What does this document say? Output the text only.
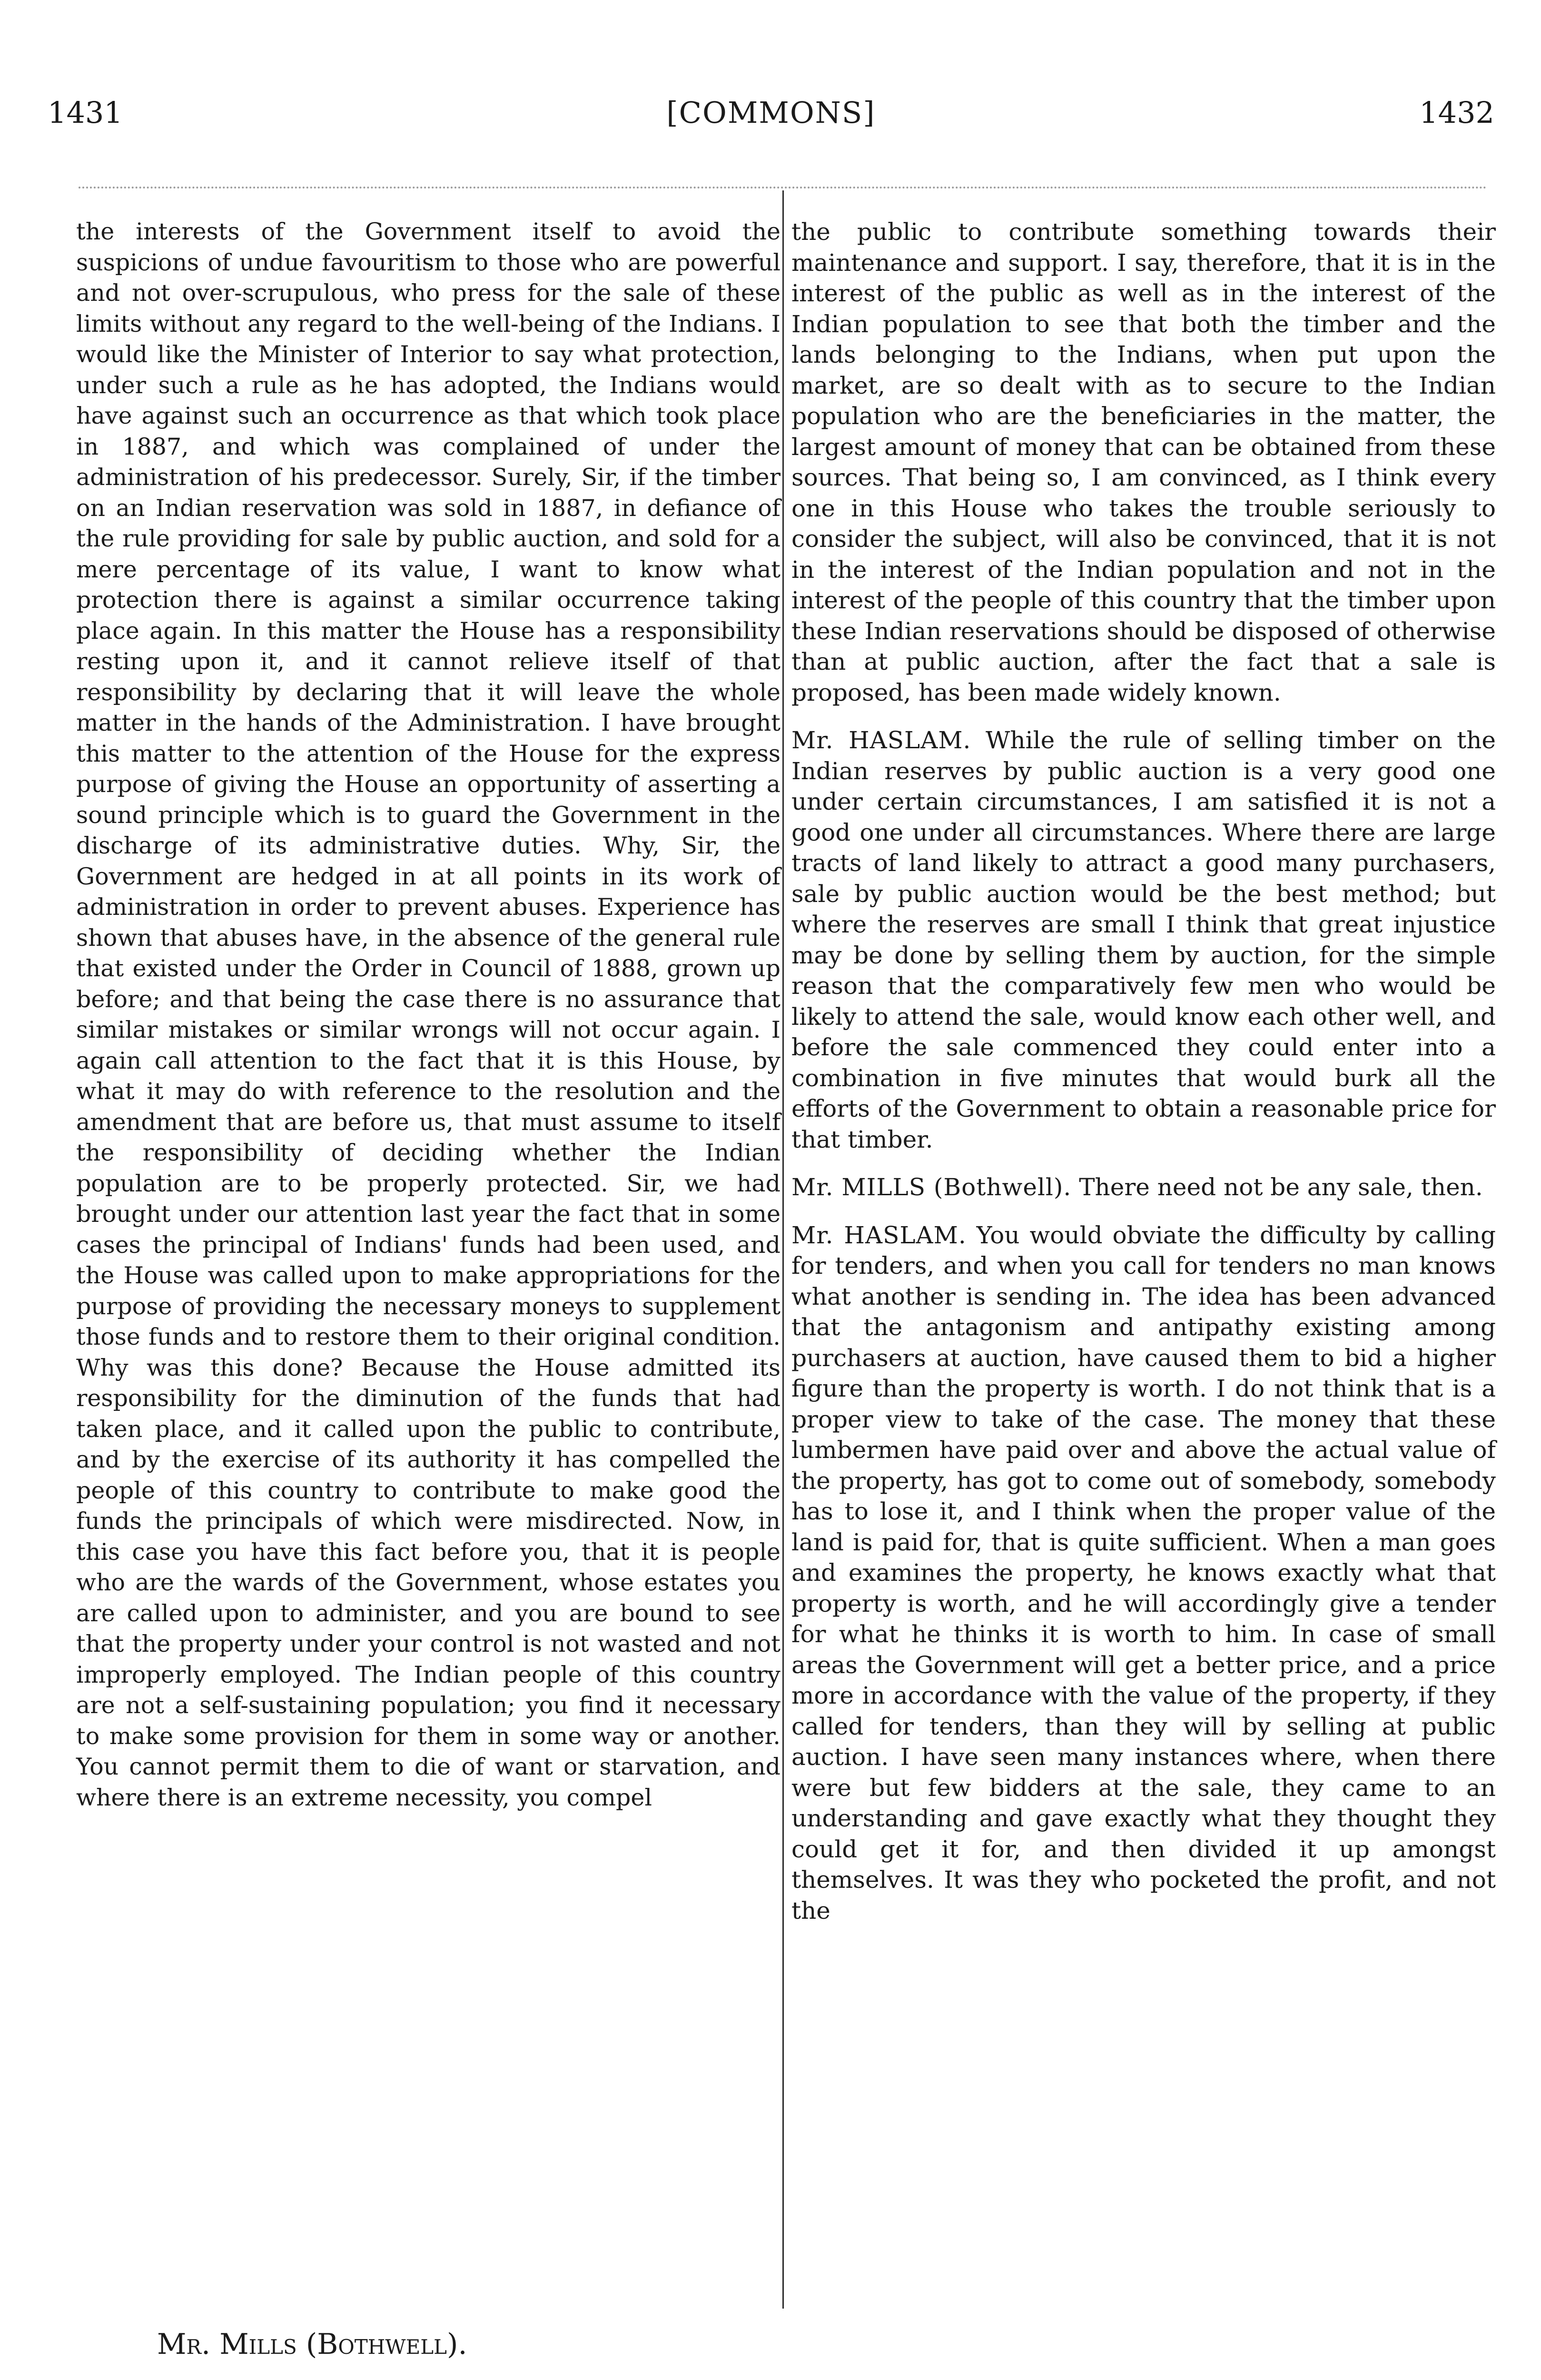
1431	[COMMONS]	1432

the interests of the Government itself to avoid the suspicions of undue favouritism to those who are powerful and not over-scrupulous, who press for the sale of these limits without any regard to the well-being of the Indians. I would like the Minister of Interior to say what protection, under such a rule as he has adopted, the Indians would have against such an occurrence as that which took place in 1887, and which was complained of under the administration of his predecessor. Surely, Sir, if the timber on an Indian reservation was sold in 1887, in defiance of the rule providing for sale by public auction, and sold for a mere percentage of its value, I want to know what protection there is against a similar occurrence taking place again. In this matter the House has a responsibility resting upon it, and it cannot relieve itself of that responsibility by declaring that it will leave the whole matter in the hands of the Administration. I have brought this matter to the attention of the House for the express purpose of giving the House an opportunity of asserting a sound principle which is to guard the Government in the discharge of its administrative duties. Why, Sir, the Government are hedged in at all points in its work of administration in order to prevent abuses. Experience has shown that abuses have, in the absence of the general rule that existed under the Order in Council of 1888, grown up before; and that being the case there is no assurance that similar mistakes or similar wrongs will not occur again. I again call attention to the fact that it is this House, by what it may do with reference to the resolution and the amendment that are before us, that must assume to itself the responsibility of deciding whether the Indian population are to be properly protected. Sir, we had brought under our attention last year the fact that in some cases the principal of Indians' funds had been used, and the House was called upon to make appropriations for the purpose of providing the necessary moneys to supplement those funds and to restore them to their original condition. Why was this done? Because the House admitted its responsibility for the diminution of the funds that had taken place, and it called upon the public to contribute, and by the exercise of its authority it has compelled the people of this country to contribute to make good the funds the principals of which were misdirected. Now, in this case you have this fact before you, that it is people who are the wards of the Government, whose estates you are called upon to administer, and you are bound to see that the property under your control is not wasted and not improperly employed. The Indian people of this country are not a self-sustaining population; you find it necessary to make some provision for them in some way or another. You cannot permit them to die of want or starvation, and where there is an extreme necessity, you compel

the public to contribute something towards their maintenance and support. I say, therefore, that it is in the interest of the public as well as in the interest of the Indian population to see that both the timber and the lands belonging to the Indians, when put upon the market, are so dealt with as to secure to the Indian population who are the beneficiaries in the matter, the largest amount of money that can be obtained from these sources. That being so, I am convinced, as I think every one in this House who takes the trouble seriously to consider the subject, will also be convinced, that it is not in the interest of the Indian population and not in the interest of the people of this country that the timber upon these Indian reservations should be disposed of otherwise than at public auction, after the fact that a sale is proposed, has been made widely known.

Mr. HASLAM. While the rule of selling timber on the Indian reserves by public auction is a very good one under certain circumstances, I am satisfied it is not a good one under all circumstances. Where there are large tracts of land likely to attract a good many purchasers, sale by public auction would be the best method; but where the reserves are small I think that great injustice may be done by selling them by auction, for the simple reason that the comparatively few men who would be likely to attend the sale, would know each other well, and before the sale commenced they could enter into a combination in five minutes that would burk all the efforts of the Government to obtain a reasonable price for that timber.

Mr. MILLS (Bothwell). There need not be any sale, then.

Mr. HASLAM. You would obviate the difficulty by calling for tenders, and when you call for tenders no man knows what another is sending in. The idea has been advanced that the antagonism and antipathy existing among purchasers at auction, have caused them to bid a higher figure than the property is worth. I do not think that is a proper view to take of the case. The money that these lumbermen have paid over and above the actual value of the property, has got to come out of somebody, somebody has to lose it, and I think when the proper value of the land is paid for, that is quite sufficient. When a man goes and examines the property, he knows exactly what that property is worth, and he will accordingly give a tender for what he thinks it is worth to him. In case of small areas the Government will get a better price, and a price more in accordance with the value of the property, if they called for tenders, than they will by selling at public auction. I have seen many instances where, when there were but few bidders at the sale, they came to an understanding and gave exactly what they thought they could get it for, and then divided it up amongst themselves. It was they who pocketed the profit, and not the

Mr. Mills (Bothwell).
